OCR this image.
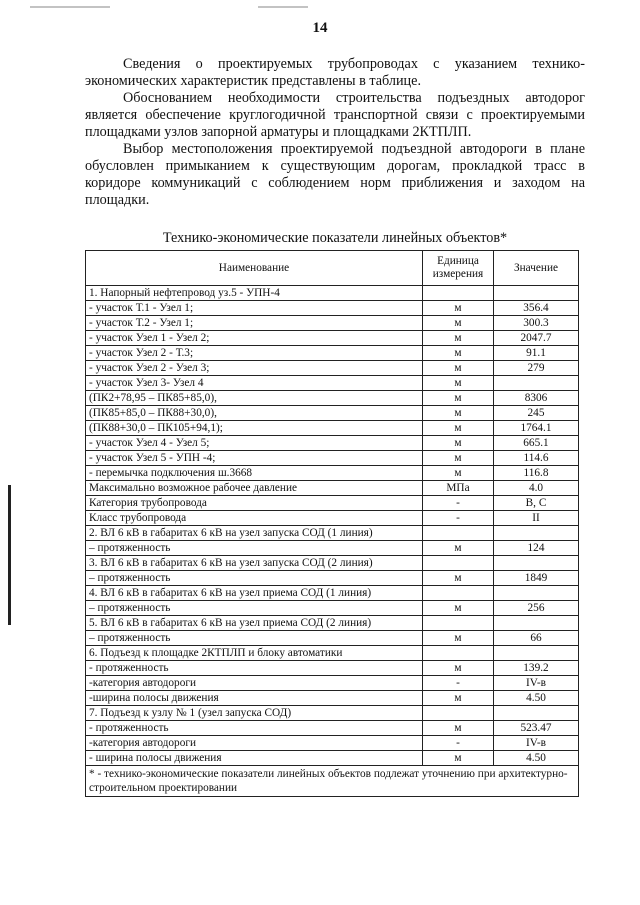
14

Сведения о проектируемых трубопроводах с указанием технико-экономических характеристик представлены в таблице.

Обоснованием необходимости строительства подъездных автодорог является обеспечение круглогодичной транспортной связи с проектируемыми площадками узлов запорной арматуры и площадками 2КТПЛП.

Выбор местоположения проектируемой подъездной автодороги в плане обусловлен примыканием к существующим дорогам, прокладкой трасс в коридоре коммуникаций с соблюдением норм приближения и заходом на площадки.

Технико-экономические показатели линейных объектов*
Наименование	Единица измерения	Значение
1. Напорный нефтепровод уз.5 - УПН-4		
- участок Т.1 - Узел 1;	м	356.4
- участок Т.2 - Узел 1;	м	300.3
- участок Узел 1 - Узел 2;	м	2047.7
- участок Узел 2 - Т.3;	м	91.1
- участок Узел 2 - Узел 3;	м	279
- участок Узел 3- Узел 4	м	
(ПК2+78,95 – ПК85+85,0),	м	8306
(ПК85+85,0 – ПК88+30,0),	м	245
(ПК88+30,0 – ПК105+94,1);	м	1764.1
- участок Узел 4 - Узел 5;	м	665.1
- участок Узел 5 - УПН -4;	м	114.6
- перемычка подключения ш.3668	м	116.8
Максимально возможное рабочее давление	МПа	4.0
Категория трубопровода	-	В, С
Класс трубопровода	-	II
2. ВЛ 6 кВ в габаритах 6 кВ на узел запуска СОД (1 линия)		
– протяженность	м	124
3. ВЛ 6 кВ в габаритах 6 кВ на узел запуска СОД (2 линия)		
– протяженность	м	1849
4. ВЛ 6 кВ в габаритах 6 кВ на узел приема СОД (1 линия)		
– протяженность	м	256
5. ВЛ 6 кВ в габаритах 6 кВ на узел приема СОД (2 линия)		
– протяженность	м	66
6. Подъезд к площадке 2КТПЛП и блоку автоматики		
- протяженность	м	139.2
-категория автодороги	-	IV-в
-ширина полосы движения	м	4.50
7. Подъезд к узлу № 1 (узел запуска СОД)		
- протяженность	м	523.47
-категория автодороги	-	IV-в
- ширина полосы движения	м	4.50
* - технико-экономические показатели линейных объектов подлежат уточнению при архитектурно-строительном проектировании		
